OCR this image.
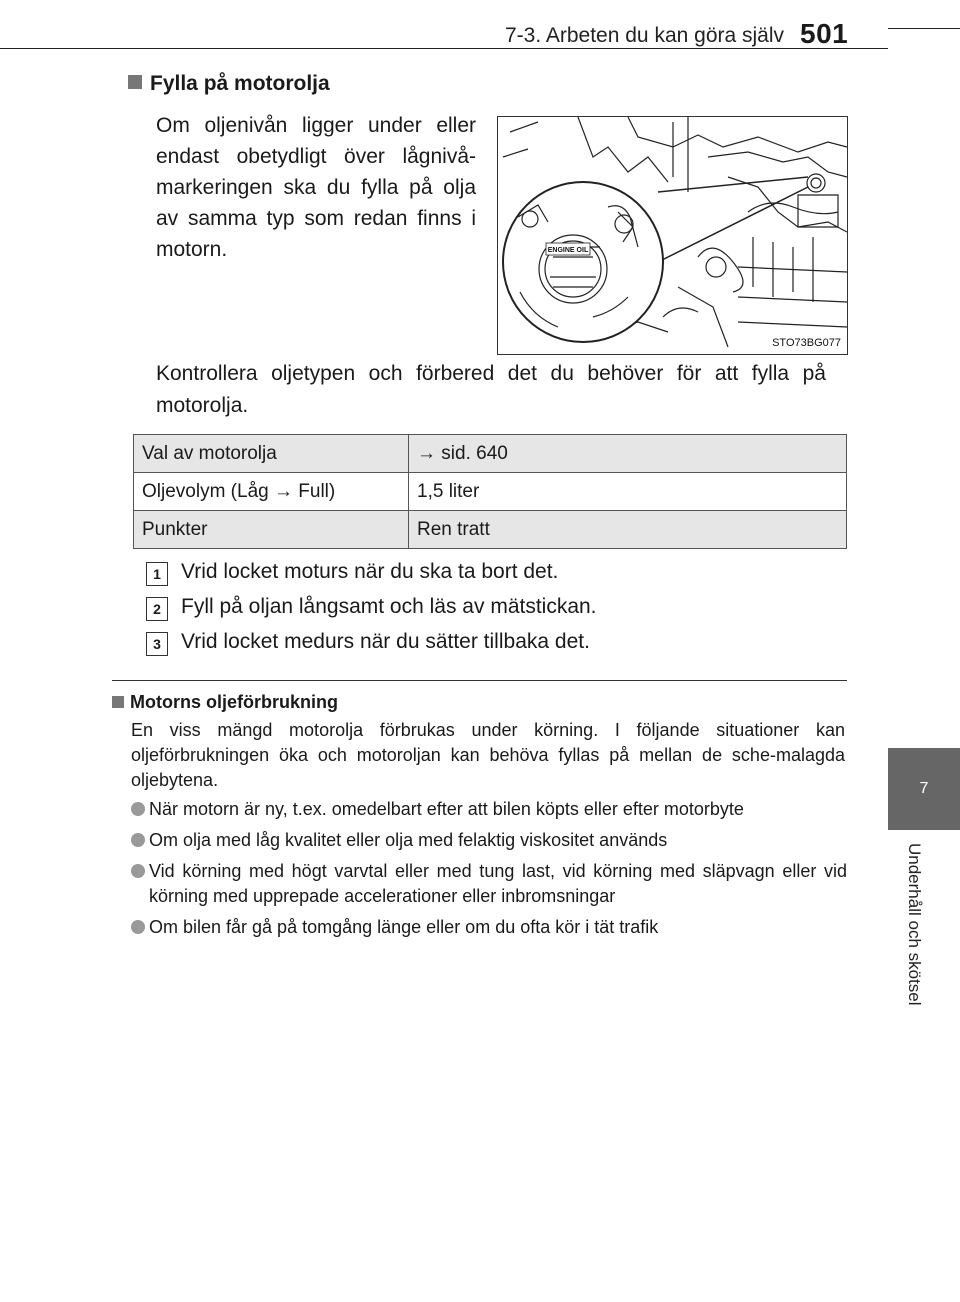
7-3. Arbeten du kan göra själv 501
7
Underhåll och skötsel
Fylla på motorolja
Om oljenivån ligger under eller endast obetydligt över lågnivå-markeringen ska du fylla på olja av samma typ som redan finns i motorn.	ENGINE OIL
STO73BG077
Kontrollera oljetypen och förbered det du behöver för att fylla på motorolja.
Val av motorolja	→ sid. 640
Oljevolym (Låg → Full)	1,5 liter
Punkter	Ren tratt
1 Vrid locket moturs när du ska ta bort det.
2 Fyll på oljan långsamt och läs av mätstickan.
3 Vrid locket medurs när du sätter tillbaka det.
Motorns oljeförbrukning
En viss mängd motorolja förbrukas under körning. I följande situationer kan oljeförbrukningen öka och motoroljan kan behöva fyllas på mellan de sche-malagda oljebytena.
När motorn är ny, t.ex. omedelbart efter att bilen köpts eller efter motorbyte
Om olja med låg kvalitet eller olja med felaktig viskositet används
Vid körning med högt varvtal eller med tung last, vid körning med släpvagn eller vid körning med upprepade accelerationer eller inbromsningar
Om bilen får gå på tomgång länge eller om du ofta kör i tät trafik
